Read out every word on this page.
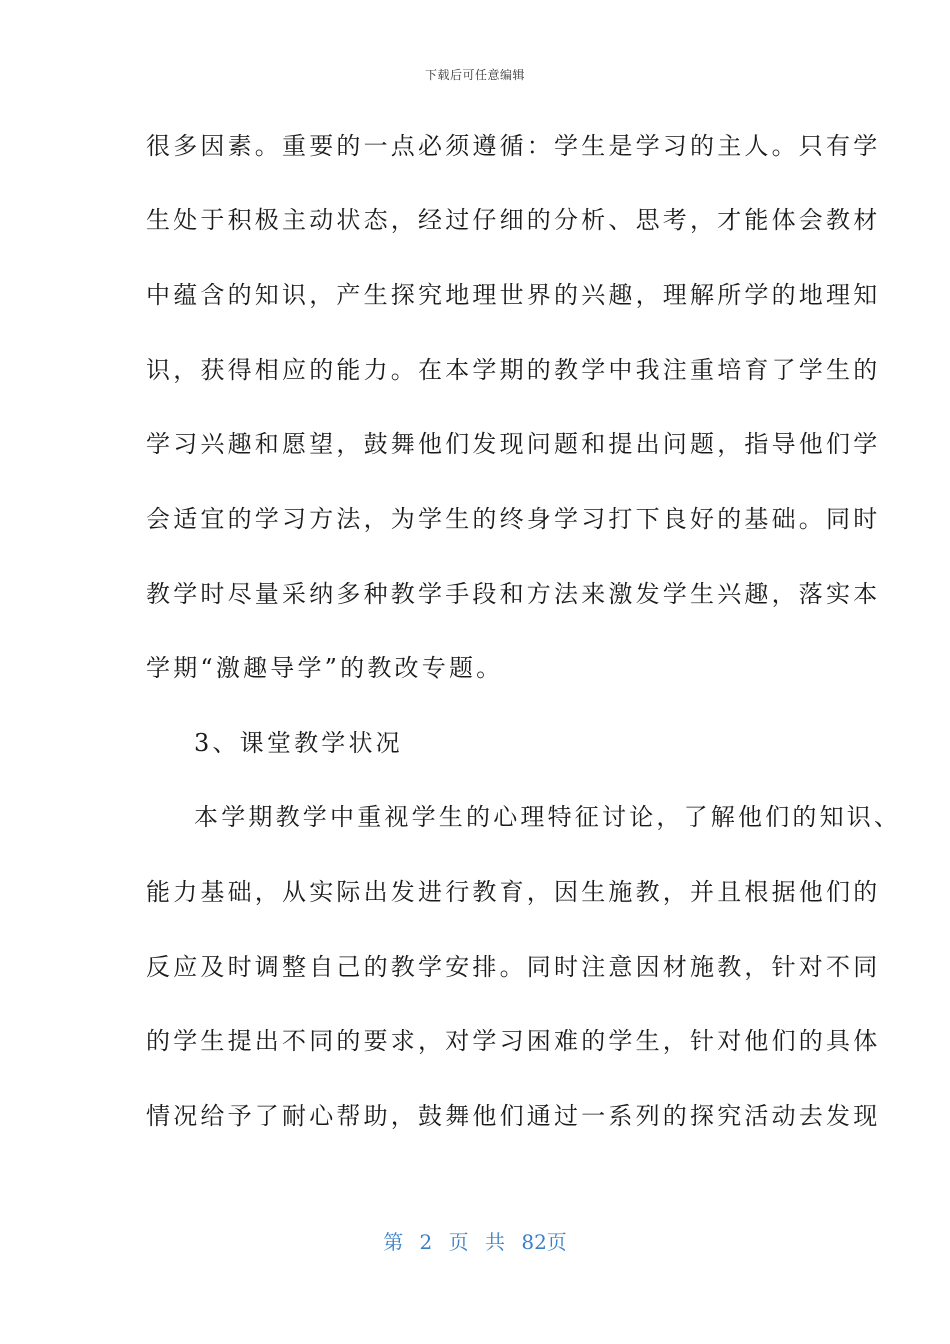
下载后可任意编辑
很多因素。重要的一点必须遵循：学生是学习的主人。只有学
生处于积极主动状态，经过仔细的分析、思考，才能体会教材
中蕴含的知识，产生探究地理世界的兴趣，理解所学的地理知
识，获得相应的能力。在本学期的教学中我注重培育了学生的
学习兴趣和愿望，鼓舞他们发现问题和提出问题，指导他们学
会适宜的学习方法，为学生的终身学习打下良好的基础。同时
教学时尽量采纳多种教学手段和方法来激发学生兴趣，落实本
学期“激趣导学”的教改专题。
3、课堂教学状况
本学期教学中重视学生的心理特征讨论，了解他们的知识、
能力基础，从实际出发进行教育，因生施教，并且根据他们的
反应及时调整自己的教学安排。同时注意因材施教，针对不同
的学生提出不同的要求，对学习困难的学生，针对他们的具体
情况给予了耐心帮助，鼓舞他们通过一系列的探究活动去发现
第 2 页 共 82页
